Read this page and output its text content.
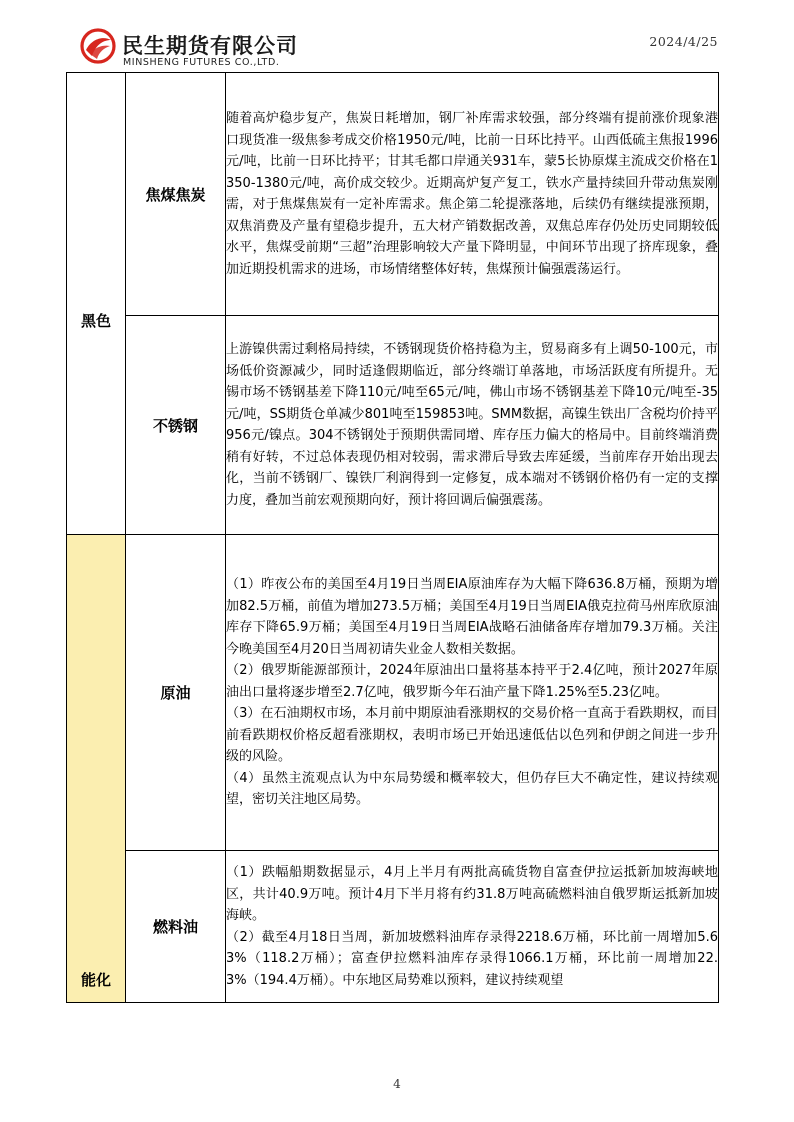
民生期货有限公司
MINSHENG FUTURES CO.,LTD.
2024/4/25
黑色	焦煤焦炭	随着高炉稳步复产，焦炭日耗增加，钢厂补库需求较强，部分终端有提前涨价现象港口现货准一级焦参考成交价格1950元/吨，比前一日环比持平。山西低硫主焦报1996元/吨，比前一日环比持平；甘其毛都口岸通关931车，蒙5长协原煤主流成交价格在1350-1380元/吨，高价成交较少。近期高炉复产复工，铁水产量持续回升带动焦炭刚需，对于焦煤焦炭有一定补库需求。焦企第二轮提涨落地，后续仍有继续提涨预期，双焦消费及产量有望稳步提升，五大材产销数据改善，双焦总库存仍处历史同期较低水平，焦煤受前期“三超”治理影响较大产量下降明显，中间环节出现了挤库现象，叠加近期投机需求的进场，市场情绪整体好转，焦煤预计偏强震荡运行。

	不锈钢	上游镍供需过剩格局持续，不锈钢现货价格持稳为主，贸易商多有上调50-100元，市场低价资源减少，同时适逢假期临近，部分终端订单落地，市场活跃度有所提升。无锡市场不锈钢基差下降110元/吨至65元/吨，佛山市场不锈钢基差下降10元/吨至-35元/吨，SS期货仓单减少801吨至159853吨。SMM数据，高镍生铁出厂含税均价持平956元/镍点。304不锈钢处于预期供需同增、库存压力偏大的格局中。目前终端消费稍有好转，不过总体表现仍相对较弱，需求滞后导致去库延缓，当前库存开始出现去化，当前不锈钢厂、镍铁厂利润得到一定修复，成本端对不锈钢价格仍有一定的支撑力度，叠加当前宏观预期向好，预计将回调后偏强震荡。

能化	原油	（1）昨夜公布的美国至4月19日当周EIA原油库存为大幅下降636.8万桶，预期为增加82.5万桶，前值为增加273.5万桶；美国至4月19日当周EIA俄克拉荷马州库欣原油库存下降65.9万桶；美国至4月19日当周EIA战略石油储备库存增加79.3万桶。关注今晚美国至4月20日当周初请失业金人数相关数据。

（2）俄罗斯能源部预计，2024年原油出口量将基本持平于2.4亿吨，预计2027年原油出口量将逐步增至2.7亿吨，俄罗斯今年石油产量下降1.25%至5.23亿吨。

（3）在石油期权市场，本月前中期原油看涨期权的交易价格一直高于看跌期权，而目前看跌期权价格反超看涨期权，表明市场已开始迅速低估以色列和伊朗之间进一步升级的风险。

（4）虽然主流观点认为中东局势缓和概率较大，但仍存巨大不确定性，建议持续观望，密切关注地区局势。

	燃料油	（1）跌幅船期数据显示，4月上半月有两批高硫货物自富查伊拉运抵新加坡海峡地区，共计40.9万吨。预计4月下半月将有约31.8万吨高硫燃料油自俄罗斯运抵新加坡海峡。

（2）截至4月18日当周，新加坡燃料油库存录得2218.6万桶，环比前一周增加5.63%（118.2万桶）；富查伊拉燃料油库存录得1066.1万桶，环比前一周增加22.3%（194.4万桶）。中东地区局势难以预料，建议持续观望

4
